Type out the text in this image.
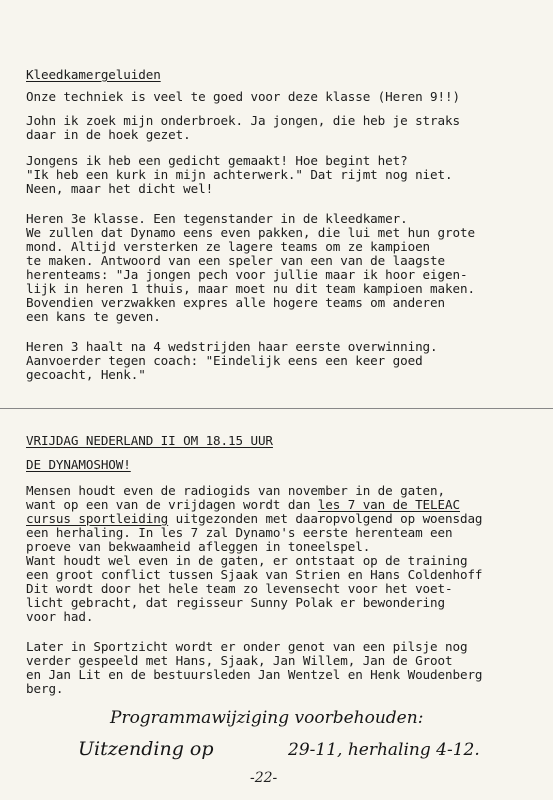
Kleedkamergeluiden
Onze techniek is veel te goed voor deze klasse (Heren 9!!)
John ik zoek mijn onderbroek. Ja jongen, die heb je straks
daar in de hoek gezet.
Jongens ik heb een gedicht gemaakt! Hoe begint het?
"Ik heb een kurk in mijn achterwerk." Dat rijmt nog niet.
Neen, maar het dicht wel!
Heren 3e klasse. Een tegenstander in de kleedkamer.
We zullen dat Dynamo eens even pakken, die lui met hun grote
mond. Altijd versterken ze lagere teams om ze kampioen
te maken. Antwoord van een speler van een van de laagste
herenteams: "Ja jongen pech voor jullie maar ik hoor eigen-
lijk in heren 1 thuis, maar moet nu dit team kampioen maken.
Bovendien verzwakken expres alle hogere teams om anderen
een kans te geven.
Heren 3 haalt na 4 wedstrijden haar eerste overwinning.
Aanvoerder tegen coach: "Eindelijk eens een keer goed
gecoacht, Henk."
VRIJDAG NEDERLAND II OM 18.15 UUR
DE DYNAMOSHOW!
Mensen houdt even de radiogids van november in de gaten,
want op een van de vrijdagen wordt dan les 7 van de TELEAC
cursus sportleiding uitgezonden met daaropvolgend op woensdag
een herhaling. In les 7 zal Dynamo's eerste herenteam een
proeve van bekwaamheid afleggen in toneelspel.
Want houdt wel even in de gaten, er ontstaat op de training
een groot conflict tussen Sjaak van Strien en Hans Coldenhoff
Dit wordt door het hele team zo levensecht voor het voet-
licht gebracht, dat regisseur Sunny Polak er bewondering
voor had.
Later in Sportzicht wordt er onder genot van een pilsje nog
verder gespeeld met Hans, Sjaak, Jan Willem, Jan de Groot
en Jan Lit en de bestuursleden Jan Wentzel en Henk Woudenberg
berg.
Programmawijziging voorbehouden:
Uitzending op	29-11, herhaling 4-12.
-22-
